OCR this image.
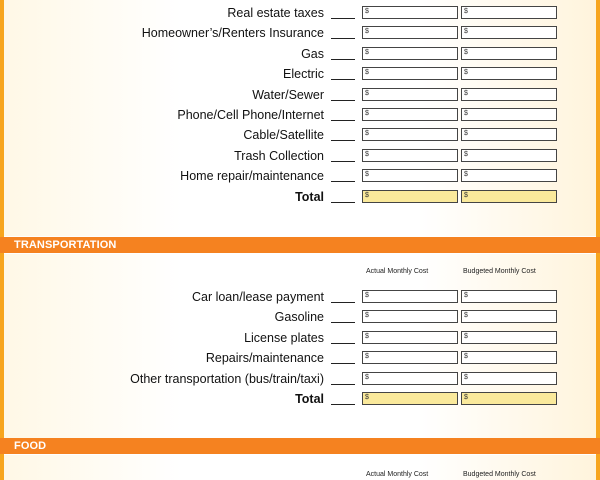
Real estate taxes	$	$
Homeowner’s/Renters Insurance	$	$
Gas	$	$
Electric	$	$
Water/Sewer	$	$
Phone/Cell Phone/Internet	$	$
Cable/Satellite	$	$
Trash Collection	$	$
Home repair/maintenance	$	$
Total	$	$
TRANSPORTATION
Actual Monthly Cost	Budgeted Monthly Cost
Car loan/lease payment	$	$
Gasoline	$	$
License plates	$	$
Repairs/maintenance	$	$
Other transportation (bus/train/taxi)	$	$
Total	$	$
FOOD
Actual Monthly Cost	Budgeted Monthly Cost
